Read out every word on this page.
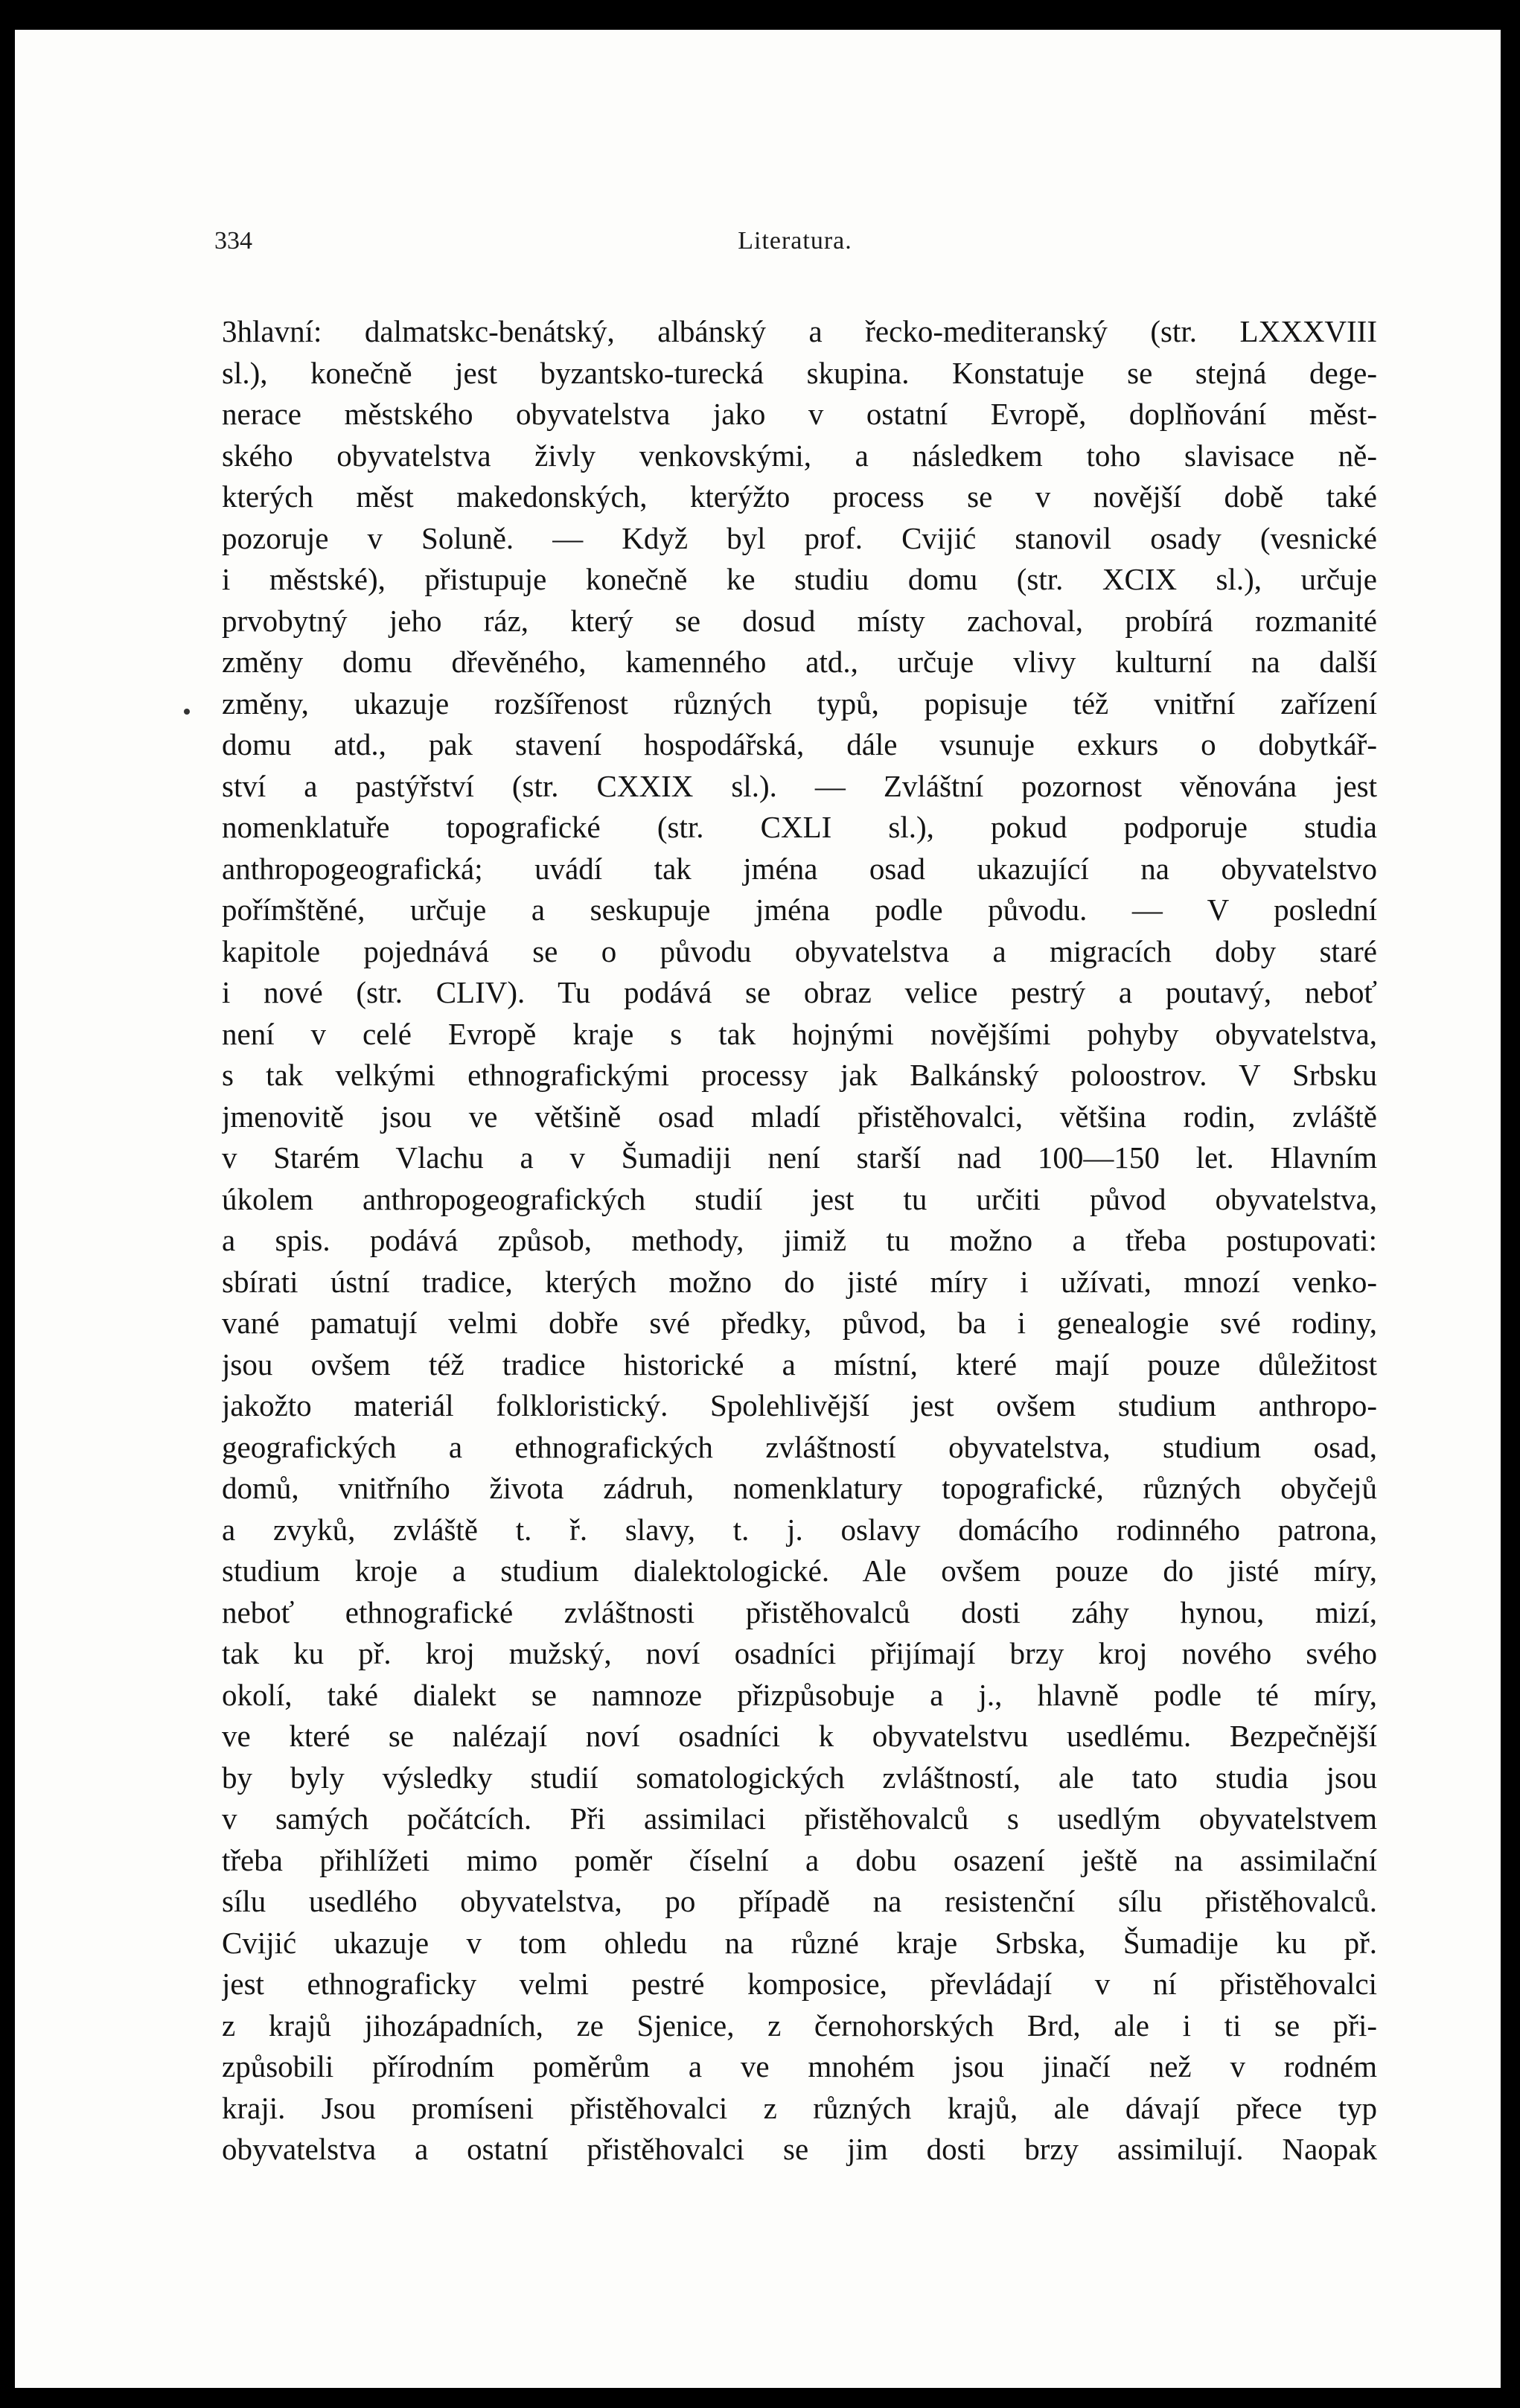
334	Literatura.
3hlavní: dalmatskc-benátský, albánský a řecko-mediteranský (str. LXXXVIII
sl.), konečně jest byzantsko-turecká skupina. Konstatuje se stejná dege-
nerace městského obyvatelstva jako v ostatní Evropě, doplňování měst-
ského obyvatelstva živly venkovskými, a následkem toho slavisace ně-
kterých měst makedonských, kterýžto process se v novější době také
pozoruje v Soluně. — Když byl prof. Cvijić stanovil osady (vesnické
i městské), přistupuje konečně ke studiu domu (str. XCIX sl.), určuje
prvobytný jeho ráz, který se dosud místy zachoval, probírá rozmanité
změny domu dřevěného, kamenného atd., určuje vlivy kulturní na další
změny, ukazuje rozšířenost různých typů, popisuje též vnitřní zařízení
domu atd., pak stavení hospodářská, dále vsunuje exkurs o dobytkář-
ství a pastýřství (str. CXXIX sl.). — Zvláštní pozornost věnována jest
nomenklatuře topografické (str. CXLI sl.), pokud podporuje studia
anthropogeografická; uvádí tak jména osad ukazující na obyvatelstvo
pořímštěné, určuje a seskupuje jména podle původu. — V poslední
kapitole pojednává se o původu obyvatelstva a migracích doby staré
i nové (str. CLIV). Tu podává se obraz velice pestrý a poutavý, neboť
není v celé Evropě kraje s tak hojnými novějšími pohyby obyvatelstva,
s tak velkými ethnografickými processy jak Balkánský poloostrov. V Srbsku
jmenovitě jsou ve většině osad mladí přistěhovalci, většina rodin, zvláště
v Starém Vlachu a v Šumadiji není starší nad 100—150 let. Hlavním
úkolem anthropogeografických studií jest tu určiti původ obyvatelstva,
a spis. podává způsob, methody, jimiž tu možno a třeba postupovati:
sbírati ústní tradice, kterých možno do jisté míry i užívati, mnozí venko-
vané pamatují velmi dobře své předky, původ, ba i genealogie své rodiny,
jsou ovšem též tradice historické a místní, které mají pouze důležitost
jakožto materiál folkloristický. Spolehlivější jest ovšem studium anthropo-
geografických a ethnografických zvláštností obyvatelstva, studium osad,
domů, vnitřního života zádruh, nomenklatury topografické, různých obyčejů
a zvyků, zvláště t. ř. slavy, t. j. oslavy domácího rodinného patrona,
studium kroje a studium dialektologické. Ale ovšem pouze do jisté míry,
neboť ethnografické zvláštnosti přistěhovalců dosti záhy hynou, mizí,
tak ku př. kroj mužský, noví osadníci přijímají brzy kroj nového svého
okolí, také dialekt se namnoze přizpůsobuje a j., hlavně podle té míry,
ve které se nalézají noví osadníci k obyvatelstvu usedlému. Bezpečnější
by byly výsledky studií somatologických zvláštností, ale tato studia jsou
v samých počátcích. Při assimilaci přistěhovalců s usedlým obyvatelstvem
třeba přihlížeti mimo poměr číselní a dobu osazení ještě na assimilační
sílu usedlého obyvatelstva, po případě na resistenční sílu přistěhovalců.
Cvijić ukazuje v tom ohledu na různé kraje Srbska, Šumadije ku př.
jest ethnograficky velmi pestré komposice, převládají v ní přistěhovalci
z krajů jihozápadních, ze Sjenice, z černohorských Brd, ale i ti se při-
způsobili přírodním poměrům a ve mnohém jsou jinačí než v rodném
kraji. Jsou promíseni přistěhovalci z různých krajů, ale dávají přece typ
obyvatelstva a ostatní přistěhovalci se jim dosti brzy assimilují. Naopak
